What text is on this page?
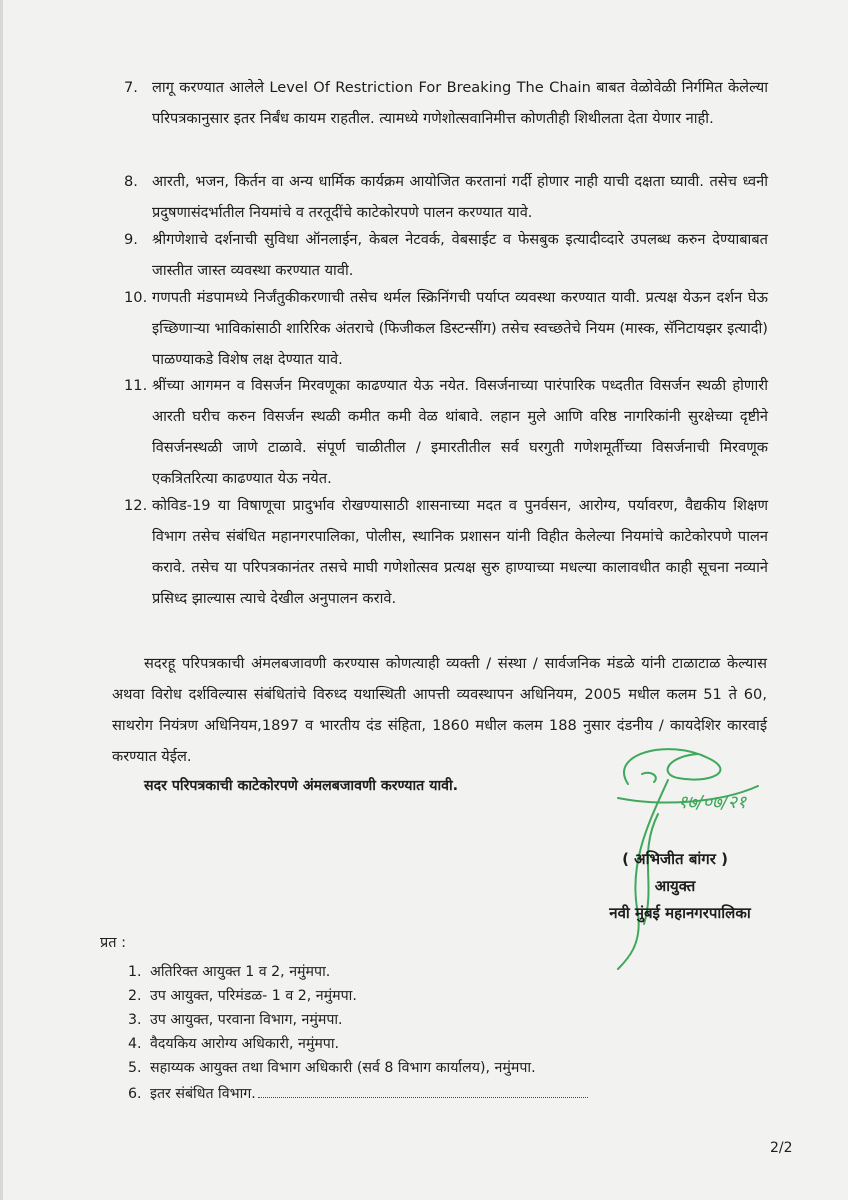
7. लागू करण्यात आलेले Level Of Restriction For Breaking The Chain बाबत वेळोवेळी निर्गमित केलेल्या परिपत्रकानुसार इतर निर्बंध कायम राहतील. त्यामध्ये गणेशोत्सवानिमीत्त कोणतीही शिथीलता देता येणार नाही.
8. आरती, भजन, किर्तन वा अन्य धार्मिक कार्यक्रम आयोजित करतानां गर्दी होणार नाही याची दक्षता घ्यावी. तसेच ध्वनी प्रदुषणासंदर्भातील नियमांचे व तरतूदींचे काटेकोरपणे पालन करण्यात यावे.
9. श्रीगणेशाचे दर्शनाची सुविधा ऑनलाईन, केबल नेटवर्क, वेबसाईट व फेसबुक इत्यादीव्दारे उपलब्ध करुन देण्याबाबत जास्तीत जास्त व्यवस्था करण्यात यावी.
10. गणपती मंडपामध्ये निर्जंतुकीकरणाची तसेच थर्मल स्क्रिनिंगची पर्याप्त व्यवस्था करण्यात यावी. प्रत्यक्ष येऊन दर्शन घेऊ इच्छिणाऱ्या भाविकांसाठी शारिरिक अंतराचे (फिजीकल डिस्टन्सींग) तसेच स्वच्छतेचे नियम (मास्क, सॅनिटायझर इत्यादी) पाळण्याकडे विशेष लक्ष देण्यात यावे.
11. श्रींच्या आगमन व विसर्जन मिरवणूका काढण्यात येऊ नयेत. विसर्जनाच्या पारंपारिक पध्दतीत विसर्जन स्थळी होणारी आरती घरीच करुन विसर्जन स्थळी कमीत कमी वेळ थांबावे. लहान मुले आणि वरिष्ठ नागरिकांनी सुरक्षेच्या दृष्टीने विसर्जनस्थळी जाणे टाळावे. संपूर्ण चाळीतील / इमारतीतील सर्व घरगुती गणेशमूर्तीच्या विसर्जनाची मिरवणूक एकत्रितरित्या काढण्यात येऊ नयेत.
12. कोविड-19 या विषाणूचा प्रादुर्भाव रोखण्यासाठी शासनाच्या मदत व पुनर्वसन, आरोग्य, पर्यावरण, वैद्यकीय शिक्षण विभाग तसेच संबंधित महानगरपालिका, पोलीस, स्थानिक प्रशासन यांनी विहीत केलेल्या नियमांचे काटेकोरपणे पालन करावे. तसेच या परिपत्रकानंतर तसचे माघी गणेशोत्सव प्रत्यक्ष सुरु हाण्याच्या मधल्या कालावधीत काही सूचना नव्याने प्रसिध्द झाल्यास त्याचे देखील अनुपालन करावे.
सदरहू परिपत्रकाची अंमलबजावणी करण्यास कोणत्याही व्यक्ती / संस्था / सार्वजनिक मंडळे यांनी टाळाटाळ केल्यास अथवा विरोध दर्शविल्यास संबंधितांचे विरुध्द यथास्थिती आपत्ती व्यवस्थापन अधिनियम, 2005 मधील कलम 51 ते 60, साथरोग नियंत्रण अधिनियम,1897 व भारतीय दंड संहिता, 1860 मधील कलम 188 नुसार दंडनीय / कायदेशिर कारवाई करण्यात येईल.
सदर परिपत्रकाची काटेकोरपणे अंमलबजावणी करण्यात यावी.
१७/०७/२१
( अभिजीत बांगर )
आयुक्त
नवी मुंबई महानगरपालिका
प्रत :
1. अतिरिक्त आयुक्त 1 व 2, नमुंमपा.
2. उप आयुक्त, परिमंडळ- 1 व 2, नमुंमपा.
3. उप आयुक्त, परवाना विभाग, नमुंमपा.
4. वैदयकिय आरोग्य अधिकारी, नमुंमपा.
5. सहाय्यक आयुक्त तथा विभाग अधिकारी (सर्व 8 विभाग कार्यालय), नमुंमपा.
6. इतर संबंधित विभाग.
2/2
